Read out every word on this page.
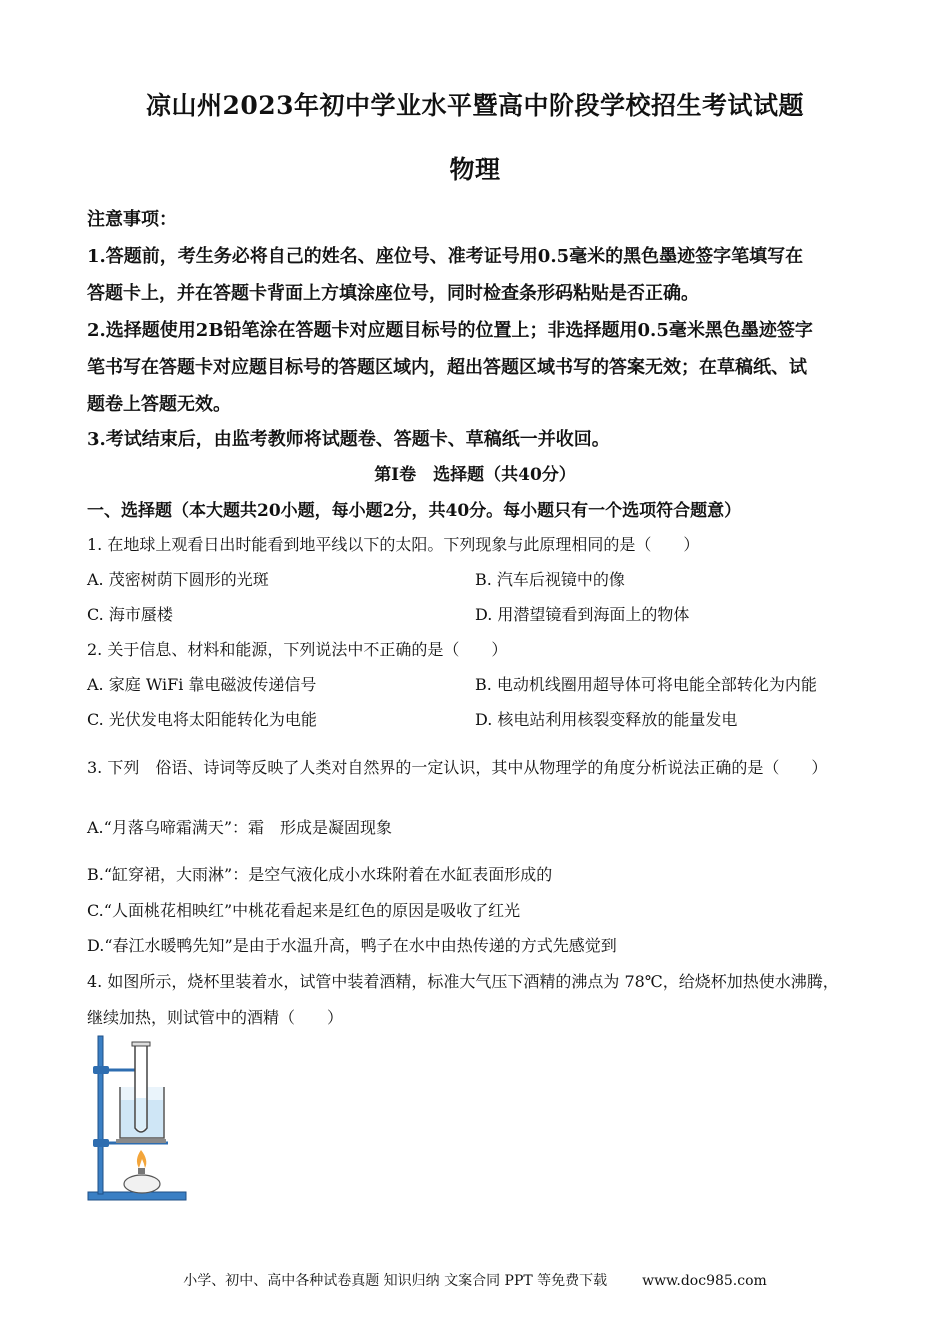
凉山州2023年初中学业水平暨高中阶段学校招生考试试题
物理
注意事项：
1.答题前，考生务必将自己的姓名、座位号、准考证号用0.5毫米的黑色墨迹签字笔填写在
答题卡上，并在答题卡背面上方填涂座位号，同时检查条形码粘贴是否正确。
2.选择题使用2B铅笔涂在答题卡对应题目标号的位置上；非选择题用0.5毫米黑色墨迹签字
笔书写在答题卡对应题目标号的答题区域内，超出答题区域书写的答案无效；在草稿纸、试
题卷上答题无效。
3.考试结束后，由监考教师将试题卷、答题卡、草稿纸一并收回。
第Ⅰ卷　选择题（共40分）
一、选择题（本大题共20小题，每小题2分，共40分。每小题只有一个选项符合题意）
1. 在地球上观看日出时能看到地平线以下的太阳。下列现象与此原理相同的是（　　）
A. 茂密树荫下圆形的光斑	B. 汽车后视镜中的像
C. 海市蜃楼	D. 用潜望镜看到海面上的物体
2. 关于信息、材料和能源，下列说法中不正确的是（　　）
A. 家庭 WiFi 靠电磁波传递信号	B. 电动机线圈用超导体可将电能全部转化为内能
C. 光伏发电将太阳能转化为电能	D. 核电站利用核裂变释放的能量发电
3. 下列　俗语、诗词等反映了人类对自然界的一定认识，其中从物理学的角度分析说法正确的是（　　）
A.“月落乌啼霜满天”：霜　形成是凝固现象
B.“缸穿裙，大雨淋”：是空气液化成小水珠附着在水缸表面形成的
C.“人面桃花相映红”中桃花看起来是红色的原因是吸收了红光
D.“春江水暖鸭先知”是由于水温升高，鸭子在水中由热传递的方式先感觉到
4. 如图所示，烧杯里装着水，试管中装着酒精，标准大气压下酒精的沸点为 78℃，给烧杯加热使水沸腾，
继续加热，则试管中的酒精（　　）
小学、初中、高中各种试卷真题 知识归纳 文案合同 PPT 等免费下载 www.doc985.com
